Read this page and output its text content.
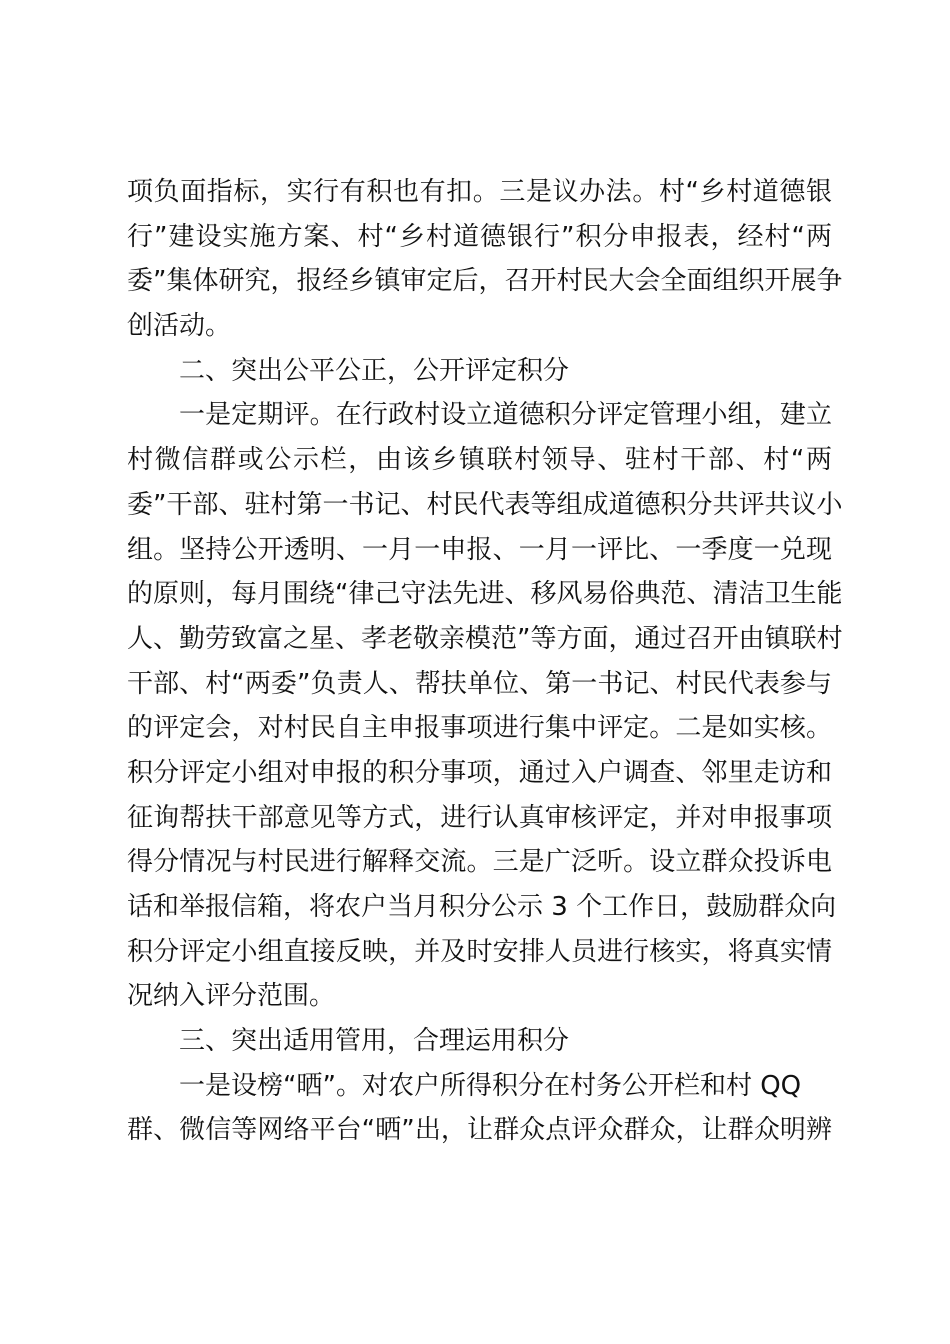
项负面指标，实行有积也有扣。三是议办法。村“乡村道德银
行”建设实施方案、村“乡村道德银行”积分申报表，经村“两
委”集体研究，报经乡镇审定后，召开村民大会全面组织开展争
创活动。
二、突出公平公正，公开评定积分
一是定期评。在行政村设立道德积分评定管理小组，建立
村微信群或公示栏，由该乡镇联村领导、驻村干部、村“两
委”干部、驻村第一书记、村民代表等组成道德积分共评共议小
组。坚持公开透明、一月一申报、一月一评比、一季度一兑现
的原则，每月围绕“律己守法先进、移风易俗典范、清洁卫生能
人、勤劳致富之星、孝老敬亲模范”等方面，通过召开由镇联村
干部、村“两委”负责人、帮扶单位、第一书记、村民代表参与
的评定会，对村民自主申报事项进行集中评定。二是如实核。
积分评定小组对申报的积分事项，通过入户调查、邻里走访和
征询帮扶干部意见等方式，进行认真审核评定，并对申报事项
得分情况与村民进行解释交流。三是广泛听。设立群众投诉电
话和举报信箱，将农户当月积分公示 3 个工作日，鼓励群众向
积分评定小组直接反映，并及时安排人员进行核实，将真实情
况纳入评分范围。
三、突出适用管用，合理运用积分
一是设榜“晒”。对农户所得积分在村务公开栏和村 QQ
群、微信等网络平台“晒”出，让群众点评众群众，让群众明辨
